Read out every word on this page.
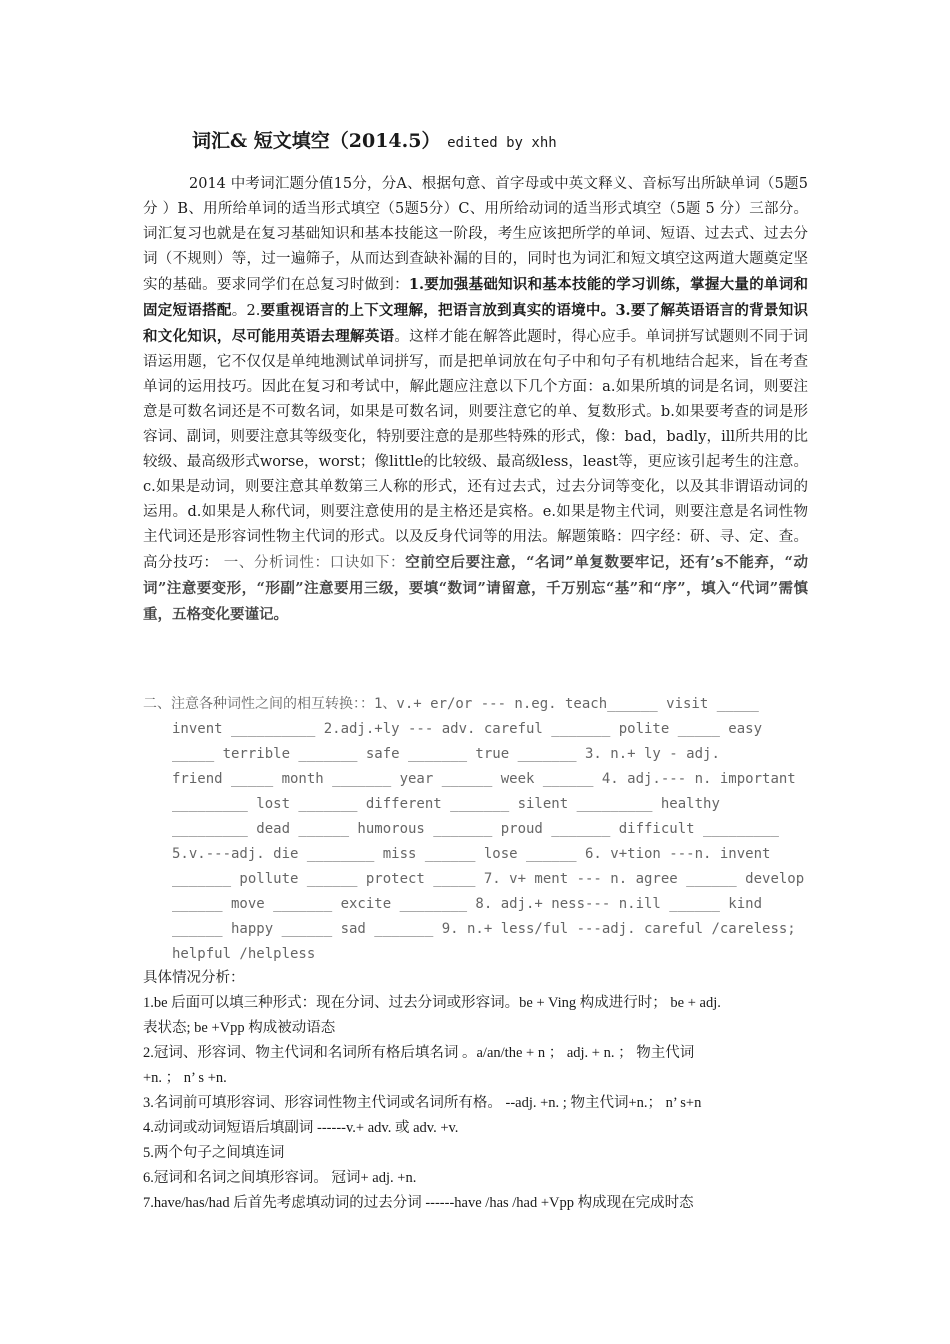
词汇& 短文填空（2014.5） edited by xhh
2014 中考词汇题分值15分，分A、根据句意、首字母或中英文释义、音标写出所缺单词（5题5分 ）B、用所给单词的适当形式填空（5题5分）C、用所给动词的适当形式填空（5题 5 分）三部分。词汇复习也就是在复习基础知识和基本技能这一阶段，考生应该把所学的单词、短语、过去式、过去分词（不规则）等，过一遍筛子，从而达到查缺补漏的目的，同时也为词汇和短文填空这两道大题奠定坚实的基础。要求同学们在总复习时做到：1.要加强基础知识和基本技能的学习训练，掌握大量的单词和固定短语搭配。2.要重视语言的上下文理解，把语言放到真实的语境中。3.要了解英语语言的背景知识和文化知识，尽可能用英语去理解英语。这样才能在解答此题时，得心应手。单词拼写试题则不同于词语运用题，它不仅仅是单纯地测试单词拼写，而是把单词放在句子中和句子有机地结合起来，旨在考查单词的运用技巧。因此在复习和考试中，解此题应注意以下几个方面：a.如果所填的词是名词，则要注意是可数名词还是不可数名词，如果是可数名词，则要注意它的单、复数形式。b.如果要考查的词是形容词、副词，则要注意其等级变化，特别要注意的是那些特殊的形式，像：bad，badly，ill所共用的比较级、最高级形式worse，worst；像little的比较级、最高级less，least等，更应该引起考生的注意。c.如果是动词，则要注意其单数第三人称的形式，还有过去式，过去分词等变化，以及其非谓语动词的运用。d.如果是人称代词，则要注意使用的是主格还是宾格。e.如果是物主代词，则要注意是名词性物主代词还是形容词性物主代词的形式。以及反身代词等的用法。解题策略：四字经：研、寻、定、查。高分技巧： 一、分析词性：口诀如下：空前空后要注意，“名词”单复数要牢记，还有’s不能弃，“动词”注意要变形，“形副”注意要用三级，要填“数词”请留意，千万别忘“基”和“序”，填入“代词”需慎重，五格变化要谨记。
二、注意各种词性之间的相互转换：：1、v.+ er/or --- n.eg. teach______ visit _____
invent __________ 2.adj.+ly --- adv. careful _______ polite _____ easy
_____ terrible _______ safe _______ true _______ 3. n.+ ly - adj.
friend _____ month _______ year ______ week ______ 4. adj.--- n. important
_________ lost _______ different _______ silent _________ healthy
_________ dead ______ humorous _______ proud _______ difficult _________
5.v.---adj. die ________ miss ______ lose ______ 6. v+tion ---n. invent
_______ pollute ______ protect _____ 7. v+ ment --- n. agree ______ develop
______ move _______ excite ________ 8. adj.+ ness--- n.ill ______ kind
______ happy ______ sad _______ 9. n.+ less/ful ---adj. careful /careless;
helpful /helpless
具体情况分析：
1.be 后面可以填三种形式：现在分词、过去分词或形容词。be + Ving 构成进行时； be + adj.
表状态; be +Vpp 构成被动语态
2.冠词、形容词、物主代词和名词所有格后填名词 。a/an/the + n ； adj. + n. ； 物主代词
+n. ； n’ s +n.
3.名词前可填形容词、形容词性物主代词或名词所有格。 --adj. +n. ; 物主代词+n.； n’ s+n
4.动词或动词短语后填副词 ------v.+ adv. 或 adv. +v.
5.两个句子之间填连词
6.冠词和名词之间填形容词。 冠词+ adj. +n.
7.have/has/had 后首先考虑填动词的过去分词 ------have /has /had +Vpp 构成现在完成时态
